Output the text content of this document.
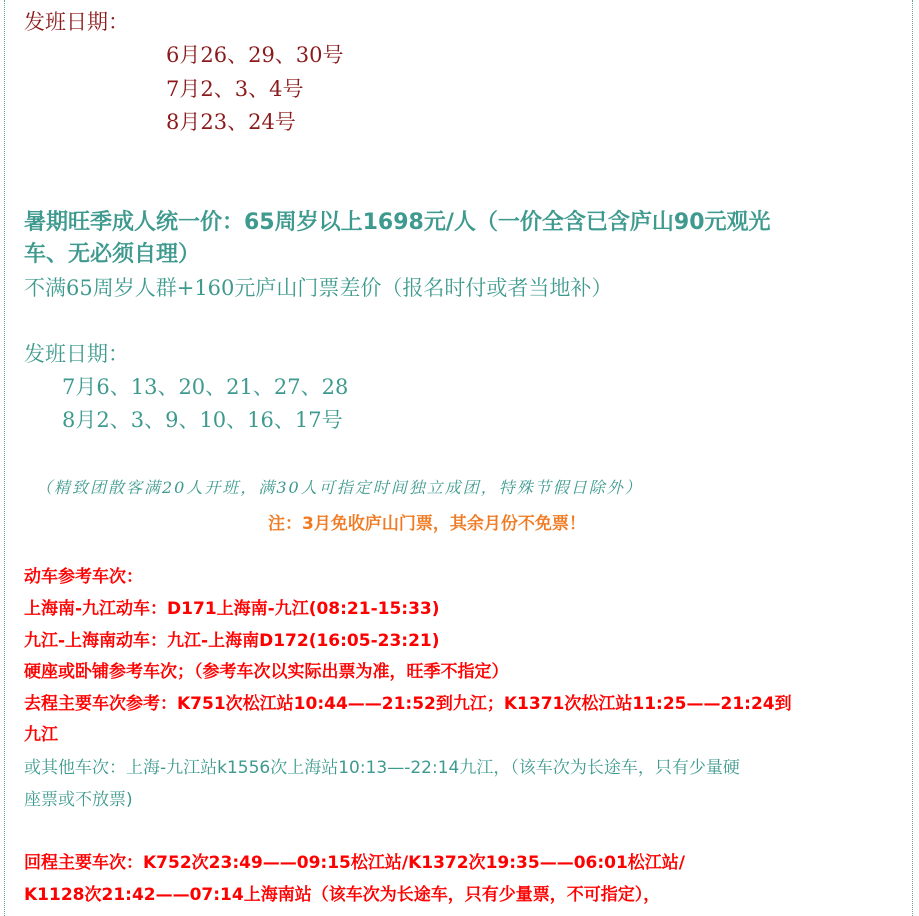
发班日期：
6月26、29、30号
7月2、3、4号
8月23、24号
暑期旺季成人统一价：65周岁以上1698元/人（一价全含已含庐山90元观光
车、无必须自理）
不满65周岁人群+160元庐山门票差价（报名时付或者当地补）
发班日期：
7月6、13、20、21、27、28
8月2、3、9、10、16、17号
（精致团散客满20人开班，满30人可指定时间独立成团，特殊节假日除外）
注：3月免收庐山门票，其余月份不免票！
动车参考车次：
上海南-九江动车：D171上海南-九江(08:21-15:33)
九江-上海南动车：九江-上海南D172(16:05-23:21)
硬座或卧铺参考车次；（参考车次以实际出票为准，旺季不指定）
去程主要车次参考：K751次松江站10:44——21:52到九江；K1371次松江站11:25——21:24到
九江
或其他车次：上海-九江站k1556次上海站10:13—-22:14九江，（该车次为长途车，只有少量硬
座票或不放票)
回程主要车次：K752次23:49——09:15松江站/K1372次19:35——06:01松江站/
K1128次21:42——07:14上海南站（该车次为长途车，只有少量票，不可指定），
